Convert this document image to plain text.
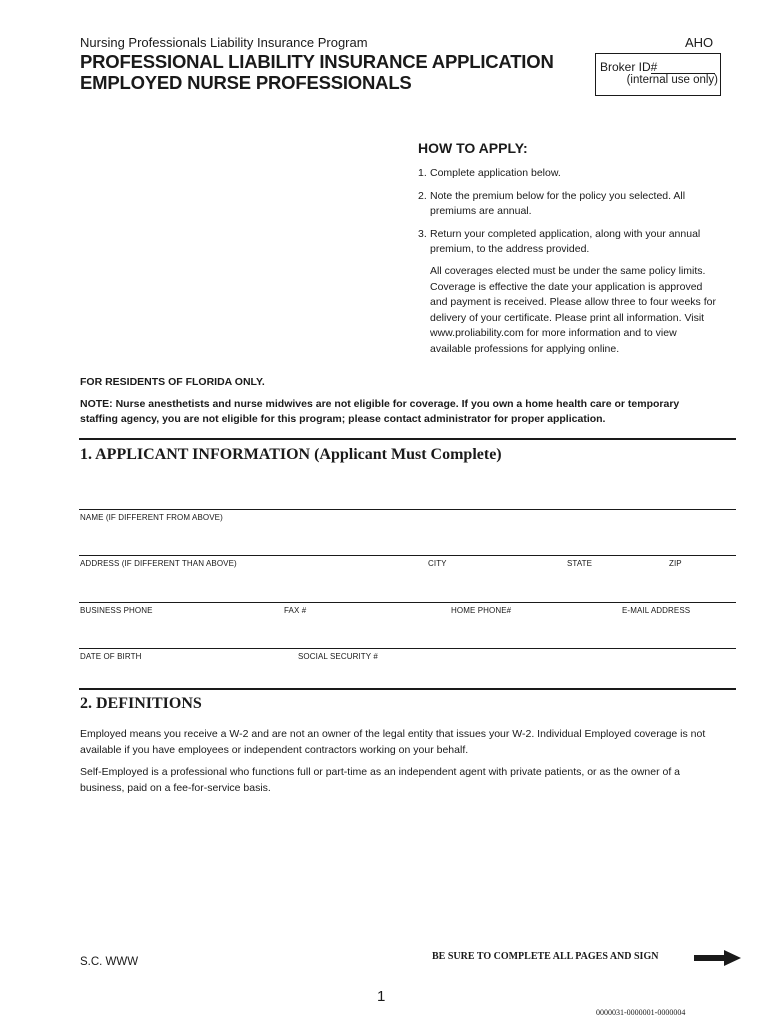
Nursing Professionals Liability Insurance Program	AHO
PROFESSIONAL LIABILITY INSURANCE APPLICATION
EMPLOYED NURSE PROFESSIONALS
Broker ID#
(internal use only)
HOW TO APPLY:
1. Complete application below.
2. Note the premium below for the policy you selected. All premiums are annual.
3. Return your completed application, along with your annual premium, to the address provided.
All coverages elected must be under the same policy limits. Coverage is effective the date your application is approved and payment is received. Please allow three to four weeks for delivery of your certificate. Please print all information. Visit www.proliability.com for more information and to view available professions for applying online.
FOR RESIDENTS OF FLORIDA ONLY.
NOTE: Nurse anesthetists and nurse midwives are not eligible for coverage. If you own a home health care or temporary staffing agency, you are not eligible for this program; please contact administrator for proper application.
1. APPLICANT INFORMATION (Applicant Must Complete)
NAME (IF DIFFERENT FROM ABOVE)
ADDRESS (IF DIFFERENT THAN ABOVE)	CITY	STATE	ZIP
BUSINESS PHONE	FAX #	HOME PHONE#	E-MAIL ADDRESS
DATE OF BIRTH	SOCIAL SECURITY #
2. DEFINITIONS
Employed means you receive a W-2 and are not an owner of the legal entity that issues your W-2. Individual Employed coverage is not available if you have employees or independent contractors working on your behalf.
Self-Employed is a professional who functions full or part-time as an independent agent with private patients, or as the owner of a business, paid on a fee-for-service basis.
S.C. WWW	BE SURE TO COMPLETE ALL PAGES AND SIGN
1
0000031-0000001-0000004
